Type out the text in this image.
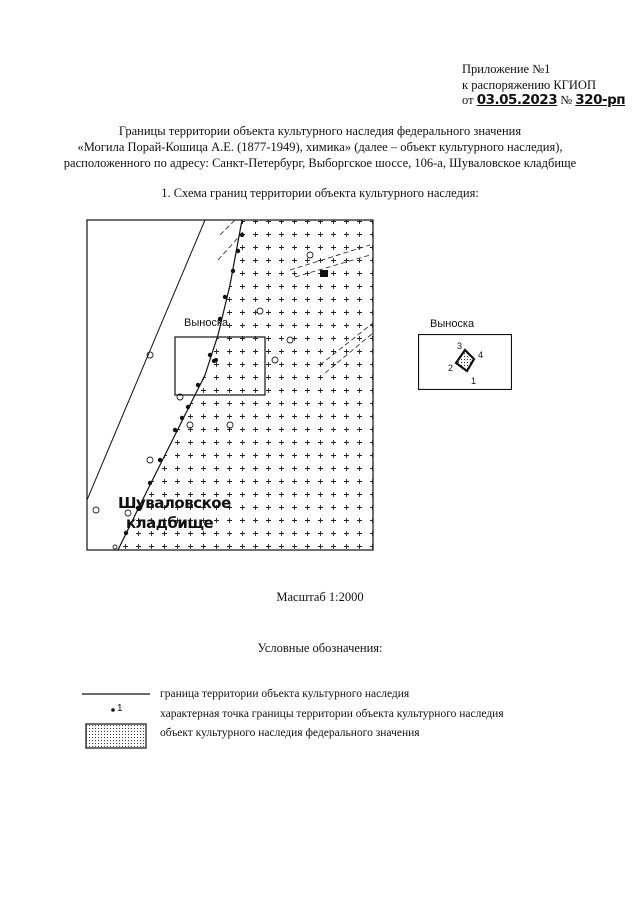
Приложение №1
к распоряжению КГИОП
от 03.05.2023 № 320-рп
Границы территории объекта культурного наследия федерального значения
«Могила Порай-Кошица А.Е. (1877-1949), химика» (далее – объект культурного наследия),
расположенного по адресу: Санкт-Петербург, Выборгское шоссе, 106-а, Шуваловское кладбище
1. Схема границ территории объекта культурного наследия:
Выноска
Шуваловское
кладбище
Выноска
3
4
2
1
Масштаб 1:2000
Условные обозначения:
1
граница территории объекта культурного наследия
характерная точка границы территории объекта культурного наследия
объект культурного наследия федерального значения
